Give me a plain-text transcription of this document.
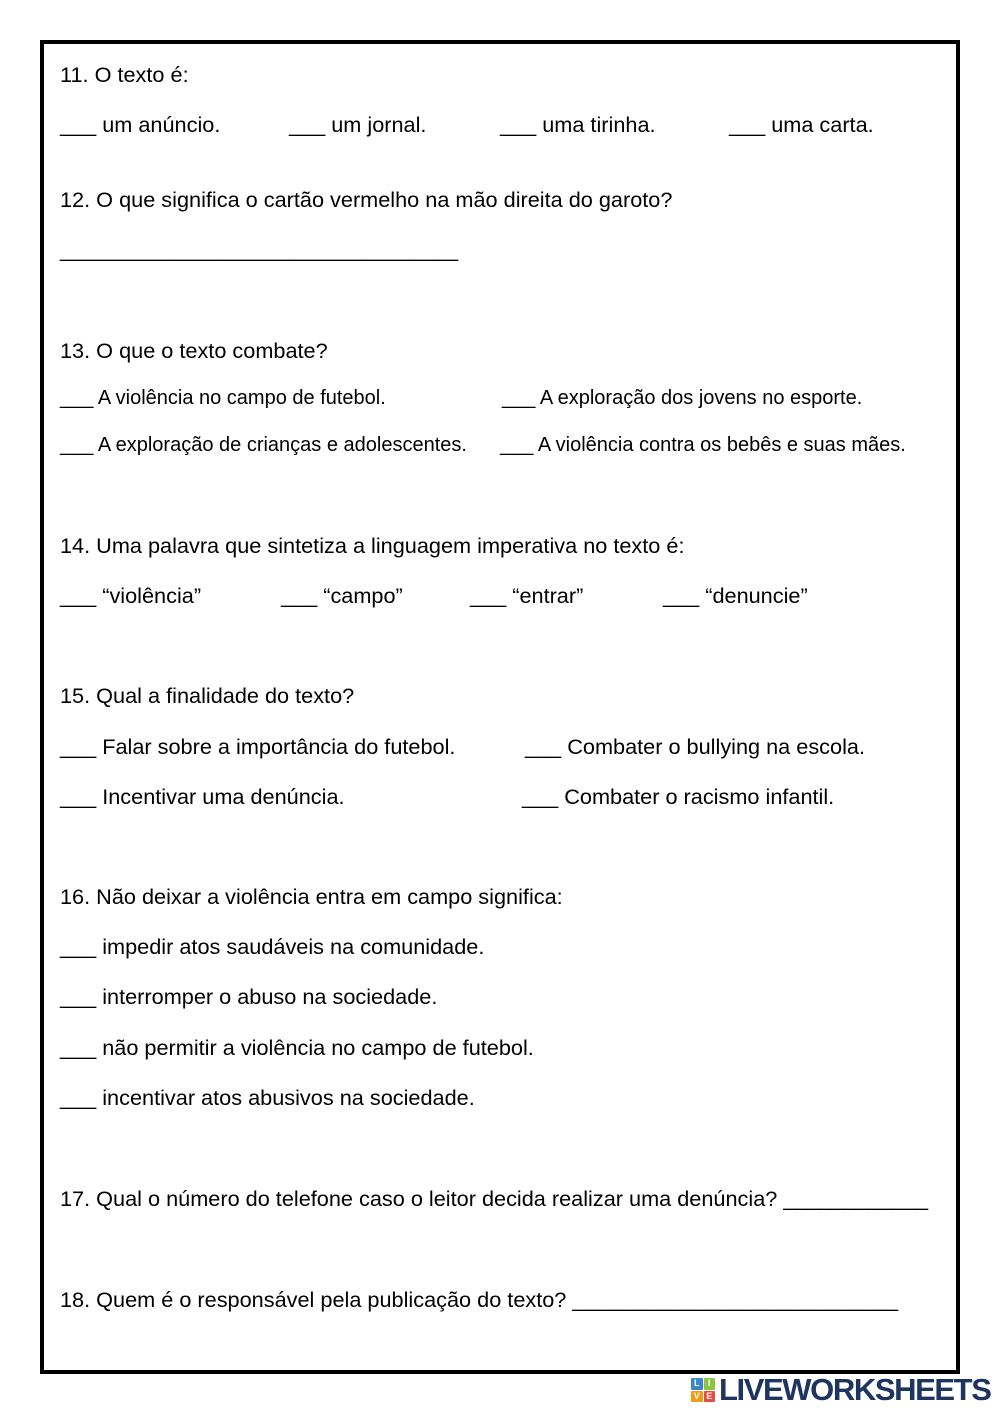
11. O texto é:
___ um anúncio.	___ um jornal.	___ uma tirinha.	___ uma carta.
12. O que significa o cartão vermelho na mão direita do garoto?
_________________________________
13. O que o texto combate?
___ A violência no campo de futebol.	___ A exploração dos jovens no esporte.
___ A exploração de crianças e adolescentes. ___ A violência contra os bebês e suas mães.
14. Uma palavra que sintetiza a linguagem imperativa no texto é:
___ “violência”	___ “campo”	___ “entrar”	___ “denuncie”
15. Qual a finalidade do texto?
___ Falar sobre a importância do futebol.	___ Combater o bullying na escola.
___ Incentivar uma denúncia.	___ Combater o racismo infantil.
16. Não deixar a violência entra em campo significa:
___ impedir atos saudáveis na comunidade.
___ interromper o abuso na sociedade.
___ não permitir a violência no campo de futebol.
___ incentivar atos abusivos na sociedade.
17. Qual o número do telefone caso o leitor decida realizar uma denúncia? ____________
18. Quem é o responsável pela publicação do texto? ___________________________
L I
V E LIVEWORKSHEETS
